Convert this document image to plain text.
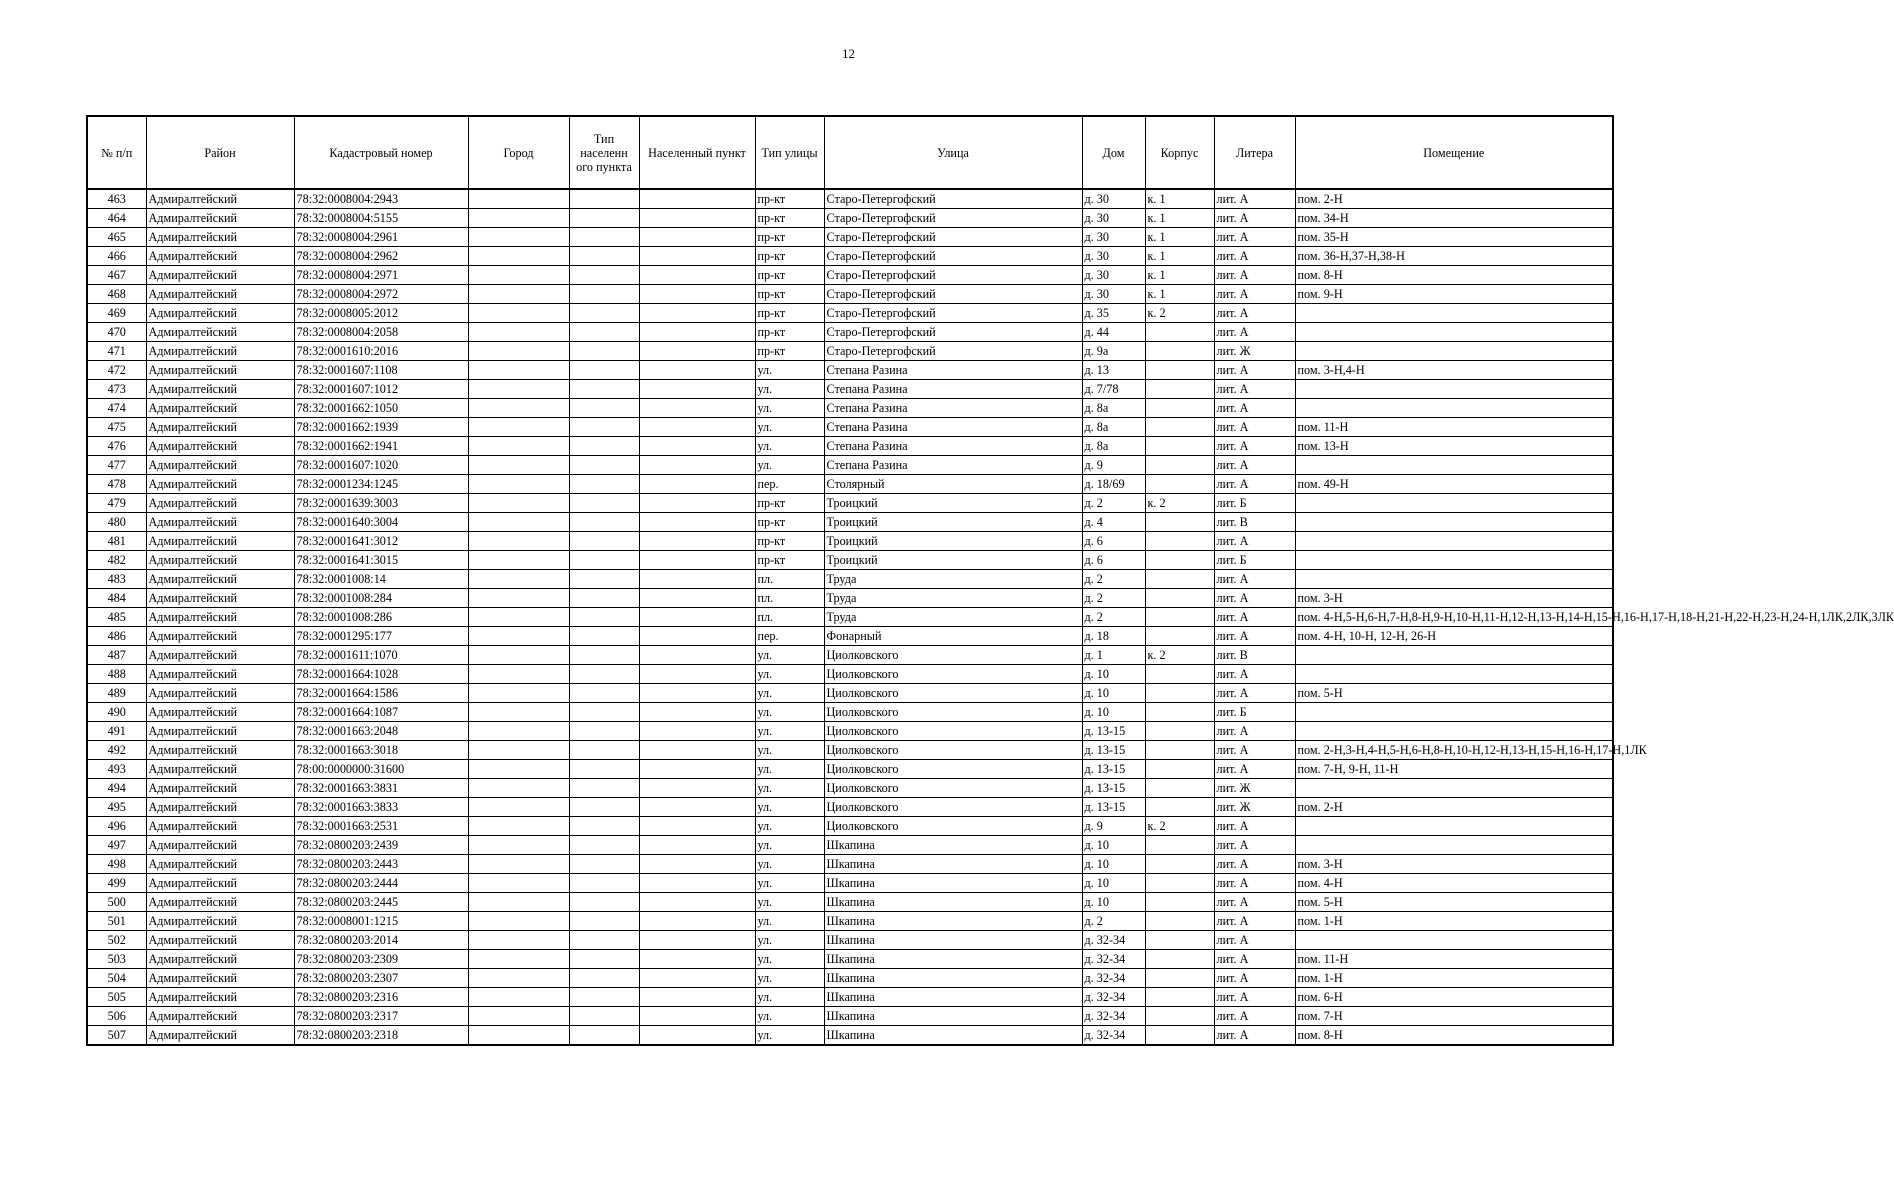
12
№ п/п	Район	Кадастровый номер	Город	Тип населенн ого пункта	Населенный пункт	Тип улицы	Улица	Дом	Корпус	Литера	Помещение
463	Адмиралтейский	78:32:0008004:2943				пр-кт	Старо-Петергофский	д. 30	к. 1	лит. А	пом. 2-Н
464	Адмиралтейский	78:32:0008004:5155				пр-кт	Старо-Петергофский	д. 30	к. 1	лит. А	пом. 34-Н
465	Адмиралтейский	78:32:0008004:2961				пр-кт	Старо-Петергофский	д. 30	к. 1	лит. А	пом. 35-Н
466	Адмиралтейский	78:32:0008004:2962				пр-кт	Старо-Петергофский	д. 30	к. 1	лит. А	пом. 36-Н,37-Н,38-Н
467	Адмиралтейский	78:32:0008004:2971				пр-кт	Старо-Петергофский	д. 30	к. 1	лит. А	пом. 8-Н
468	Адмиралтейский	78:32:0008004:2972				пр-кт	Старо-Петергофский	д. 30	к. 1	лит. А	пом. 9-Н
469	Адмиралтейский	78:32:0008005:2012				пр-кт	Старо-Петергофский	д. 35	к. 2	лит. А	
470	Адмиралтейский	78:32:0008004:2058				пр-кт	Старо-Петергофский	д. 44		лит. А	
471	Адмиралтейский	78:32:0001610:2016				пр-кт	Старо-Петергофский	д. 9а		лит. Ж	
472	Адмиралтейский	78:32:0001607:1108				ул.	Степана Разина	д. 13		лит. А	пом. 3-Н,4-Н
473	Адмиралтейский	78:32:0001607:1012				ул.	Степана Разина	д. 7/78		лит. А	
474	Адмиралтейский	78:32:0001662:1050				ул.	Степана Разина	д. 8а		лит. А	
475	Адмиралтейский	78:32:0001662:1939				ул.	Степана Разина	д. 8а		лит. А	пом. 11-Н
476	Адмиралтейский	78:32:0001662:1941				ул.	Степана Разина	д. 8а		лит. А	пом. 13-Н
477	Адмиралтейский	78:32:0001607:1020				ул.	Степана Разина	д. 9		лит. А	
478	Адмиралтейский	78:32:0001234:1245				пер.	Столярный	д. 18/69		лит. А	пом. 49-Н
479	Адмиралтейский	78:32:0001639:3003				пр-кт	Троицкий	д. 2	к. 2	лит. Б	
480	Адмиралтейский	78:32:0001640:3004				пр-кт	Троицкий	д. 4		лит. В	
481	Адмиралтейский	78:32:0001641:3012				пр-кт	Троицкий	д. 6		лит. А	
482	Адмиралтейский	78:32:0001641:3015				пр-кт	Троицкий	д. 6		лит. Б	
483	Адмиралтейский	78:32:0001008:14				пл.	Труда	д. 2		лит. А	
484	Адмиралтейский	78:32:0001008:284				пл.	Труда	д. 2		лит. А	пом. 3-Н
485	Адмиралтейский	78:32:0001008:286				пл.	Труда	д. 2		лит. А	пом. 4-Н,5-Н,6-Н,7-Н,8-Н,9-Н,10-Н,11-Н,12-Н,13-Н,14-Н,15-Н,16-Н,17-Н,18-Н,21-Н,22-Н,23-Н,24-Н,1ЛК,2ЛК,3ЛК
486	Адмиралтейский	78:32:0001295:177				пер.	Фонарный	д. 18		лит. А	пом. 4-Н, 10-Н, 12-Н, 26-Н
487	Адмиралтейский	78:32:0001611:1070				ул.	Циолковского	д. 1	к. 2	лит. В	
488	Адмиралтейский	78:32:0001664:1028				ул.	Циолковского	д. 10		лит. А	
489	Адмиралтейский	78:32:0001664:1586				ул.	Циолковского	д. 10		лит. А	пом. 5-Н
490	Адмиралтейский	78:32:0001664:1087				ул.	Циолковского	д. 10		лит. Б	
491	Адмиралтейский	78:32:0001663:2048				ул.	Циолковского	д. 13-15		лит. А	
492	Адмиралтейский	78:32:0001663:3018				ул.	Циолковского	д. 13-15		лит. А	пом. 2-Н,3-Н,4-Н,5-Н,6-Н,8-Н,10-Н,12-Н,13-Н,15-Н,16-Н,17-Н,1ЛК
493	Адмиралтейский	78:00:0000000:31600				ул.	Циолковского	д. 13-15		лит. А	пом. 7-Н, 9-Н, 11-Н
494	Адмиралтейский	78:32:0001663:3831				ул.	Циолковского	д. 13-15		лит. Ж	
495	Адмиралтейский	78:32:0001663:3833				ул.	Циолковского	д. 13-15		лит. Ж	пом. 2-Н
496	Адмиралтейский	78:32:0001663:2531				ул.	Циолковского	д. 9	к. 2	лит. А	
497	Адмиралтейский	78:32:0800203:2439				ул.	Шкапина	д. 10		лит. А	
498	Адмиралтейский	78:32:0800203:2443				ул.	Шкапина	д. 10		лит. А	пом. 3-Н
499	Адмиралтейский	78:32:0800203:2444				ул.	Шкапина	д. 10		лит. А	пом. 4-Н
500	Адмиралтейский	78:32:0800203:2445				ул.	Шкапина	д. 10		лит. А	пом. 5-Н
501	Адмиралтейский	78:32:0008001:1215				ул.	Шкапина	д. 2		лит. А	пом. 1-Н
502	Адмиралтейский	78:32:0800203:2014				ул.	Шкапина	д. 32-34		лит. А	
503	Адмиралтейский	78:32:0800203:2309				ул.	Шкапина	д. 32-34		лит. А	пом. 11-Н
504	Адмиралтейский	78:32:0800203:2307				ул.	Шкапина	д. 32-34		лит. А	пом. 1-Н
505	Адмиралтейский	78:32:0800203:2316				ул.	Шкапина	д. 32-34		лит. А	пом. 6-Н
506	Адмиралтейский	78:32:0800203:2317				ул.	Шкапина	д. 32-34		лит. А	пом. 7-Н
507	Адмиралтейский	78:32:0800203:2318				ул.	Шкапина	д. 32-34		лит. А	пом. 8-Н
